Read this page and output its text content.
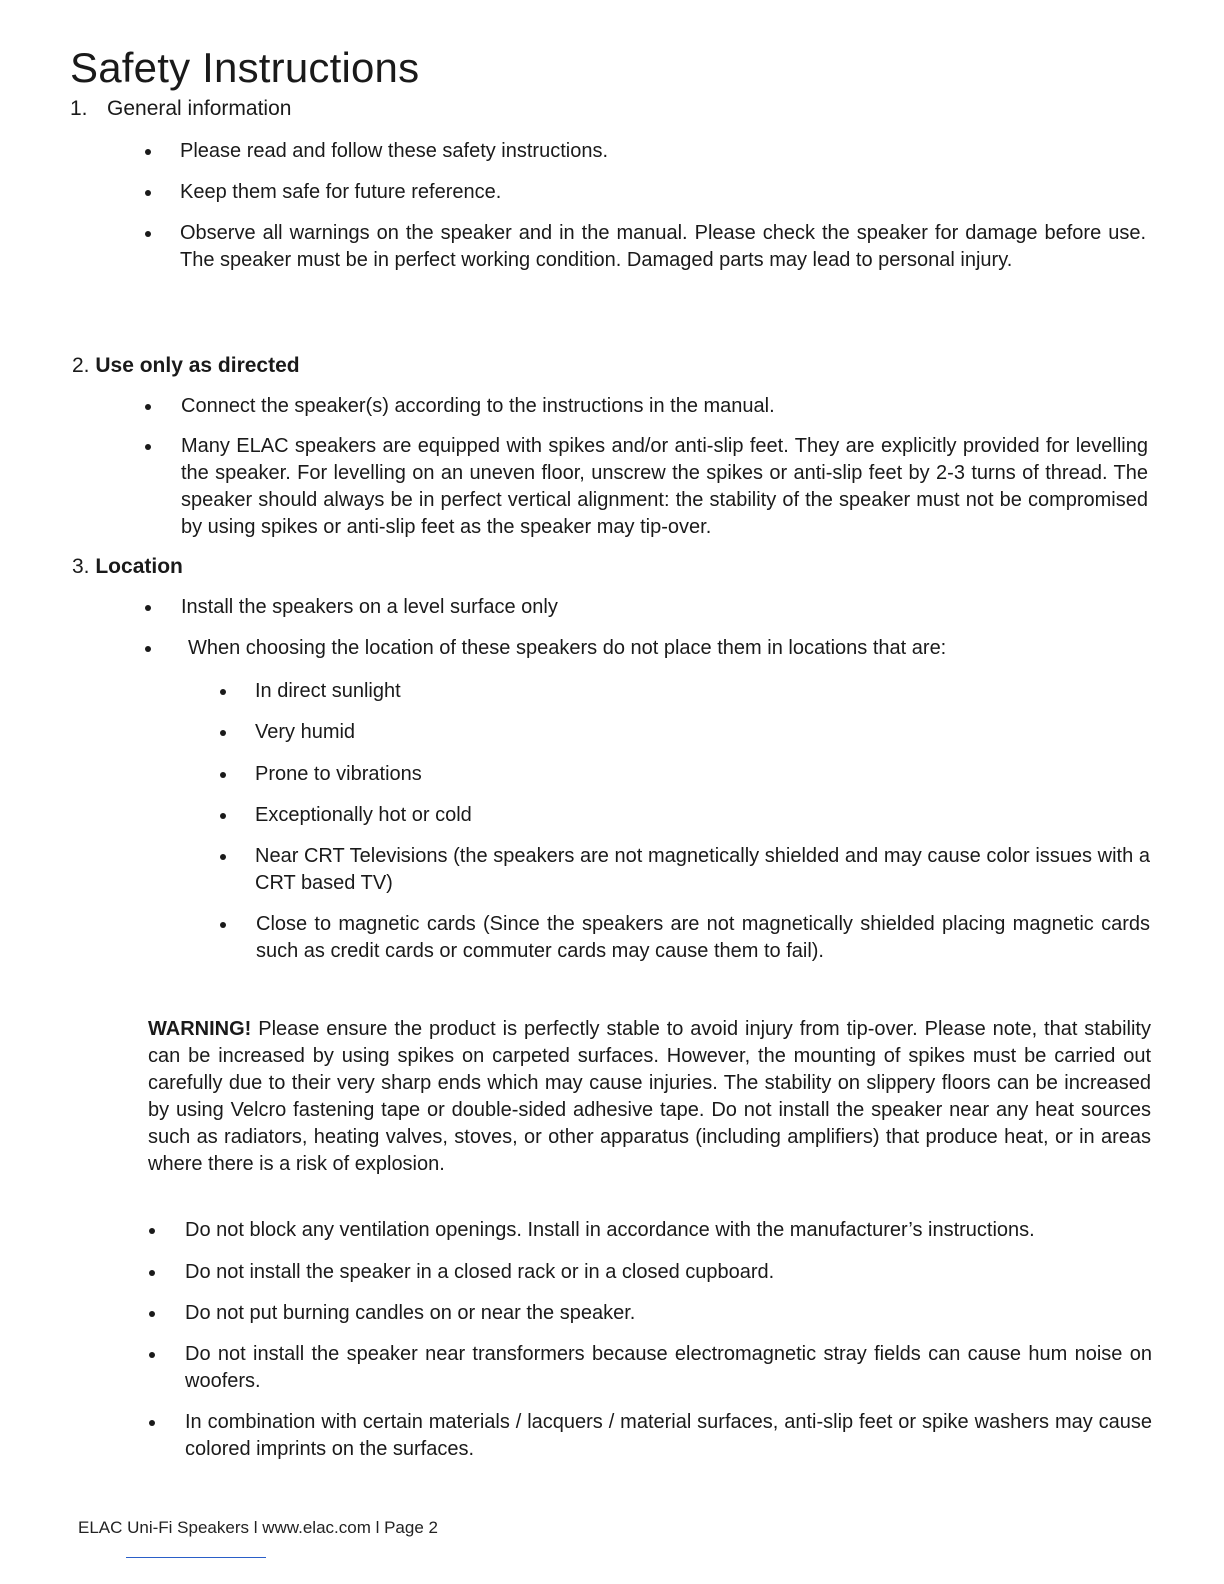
Safety Instructions
1. General information
Please read and follow these safety instructions.
Keep them safe for future reference.
Observe all warnings on the speaker and in the manual. Please check the speaker for damage before use. The speaker must be in perfect working condition. Damaged parts may lead to personal injury.
2. Use only as directed
Connect the speaker(s) according to the instructions in the manual.
Many ELAC speakers are equipped with spikes and/or anti-slip feet. They are explicitly provided for levelling the speaker. For levelling on an uneven floor, unscrew the spikes or anti-slip feet by 2-3 turns of thread. The speaker should always be in perfect vertical alignment: the stability of the speaker must not be compromised by using spikes or anti-slip feet as the speaker may tip-over.
3. Location
Install the speakers on a level surface only
When choosing the location of these speakers do not place them in locations that are:
In direct sunlight
Very humid
Prone to vibrations
Exceptionally hot or cold
Near CRT Televisions (the speakers are not magnetically shielded and may cause color issues with a CRT based TV)
Close to magnetic cards (Since the speakers are not magnetically shielded placing magnetic cards such as credit cards or commuter cards may cause them to fail).
WARNING! Please ensure the product is perfectly stable to avoid injury from tip-over. Please note, that stability can be increased by using spikes on carpeted surfaces. However, the mounting of spikes must be carried out carefully due to their very sharp ends which may cause injuries. The stability on slippery floors can be increased by using Velcro fastening tape or double-sided adhesive tape. Do not install the speaker near any heat sources such as radiators, heating valves, stoves, or other apparatus (including amplifiers) that produce heat, or in areas where there is a risk of explosion.
Do not block any ventilation openings. Install in accordance with the manufacturer’s instructions.
Do not install the speaker in a closed rack or in a closed cupboard.
Do not put burning candles on or near the speaker.
Do not install the speaker near transformers because electromagnetic stray fields can cause hum noise on woofers.
In combination with certain materials / lacquers / material surfaces, anti-slip feet or spike washers may cause colored imprints on the surfaces.
ELAC Uni-Fi Speakers l www.elac.com l Page 2
